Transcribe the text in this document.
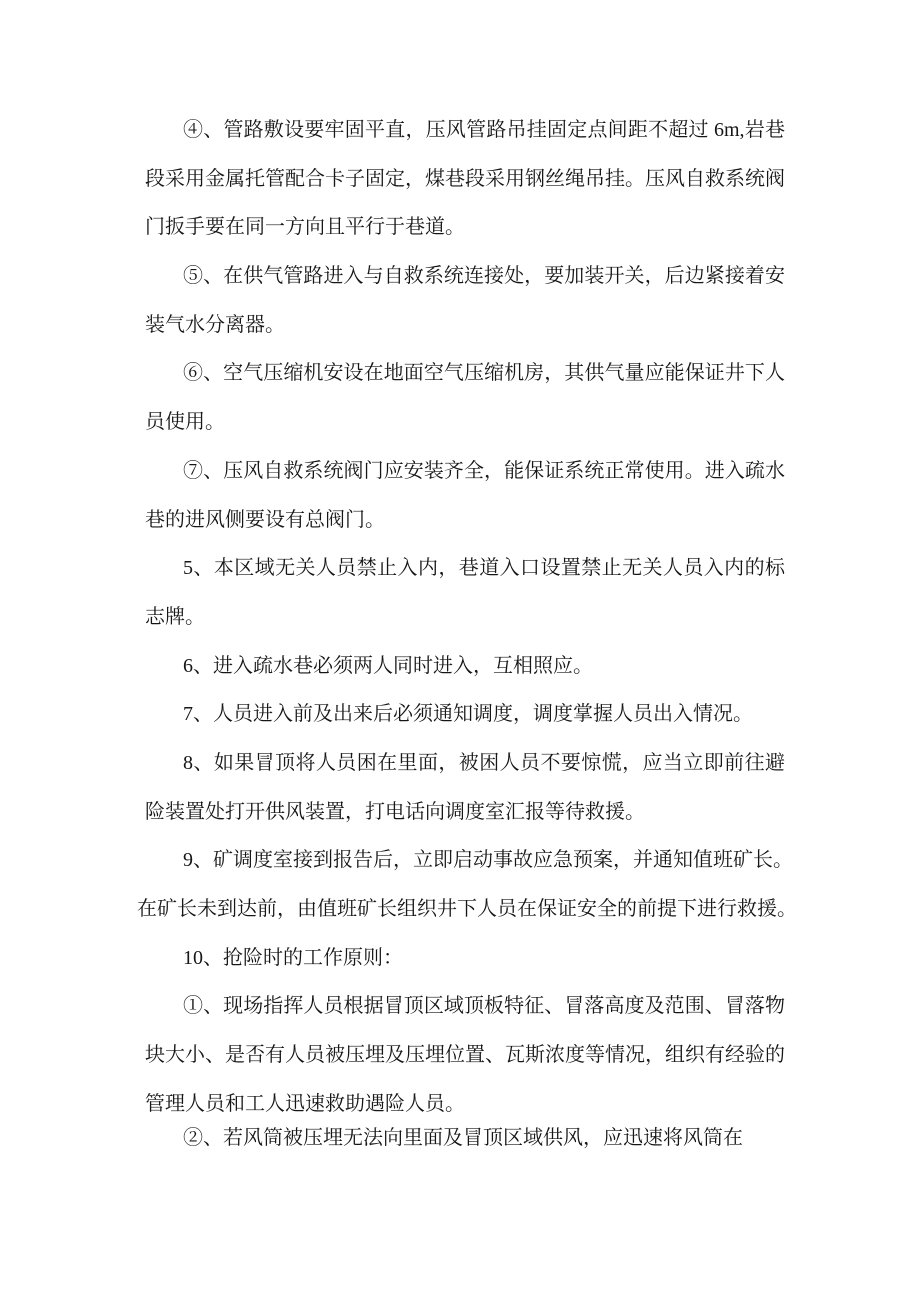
④、管路敷设要牢固平直，压风管路吊挂固定点间距不超过 6m,岩巷
段采用金属托管配合卡子固定，煤巷段采用钢丝绳吊挂。压风自救系统阀
门扳手要在同一方向且平行于巷道。
⑤、在供气管路进入与自救系统连接处，要加装开关，后边紧接着安
装气水分离器。
⑥、空气压缩机安设在地面空气压缩机房，其供气量应能保证井下人
员使用。
⑦、压风自救系统阀门应安装齐全，能保证系统正常使用。进入疏水
巷的进风侧要设有总阀门。
5、本区域无关人员禁止入内，巷道入口设置禁止无关人员入内的标
志牌。
6、进入疏水巷必须两人同时进入，互相照应。
7、人员进入前及出来后必须通知调度，调度掌握人员出入情况。
8、如果冒顶将人员困在里面，被困人员不要惊慌，应当立即前往避
险装置处打开供风装置，打电话向调度室汇报等待救援。
9、矿调度室接到报告后，立即启动事故应急预案，并通知值班矿长。
在矿长未到达前，由值班矿长组织井下人员在保证安全的前提下进行救援。
10、抢险时的工作原则：
①、现场指挥人员根据冒顶区域顶板特征、冒落高度及范围、冒落物
块大小、是否有人员被压埋及压埋位置、瓦斯浓度等情况，组织有经验的
管理人员和工人迅速救助遇险人员。
②、若风筒被压埋无法向里面及冒顶区域供风，应迅速将风筒在
